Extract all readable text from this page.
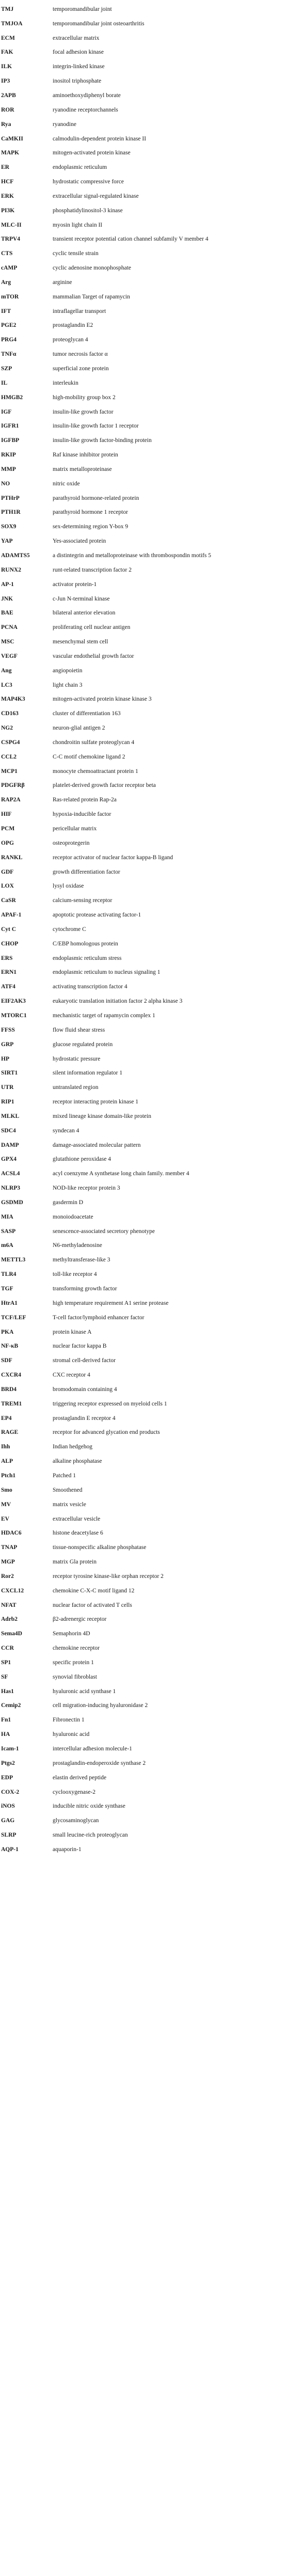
TMJ	temporomandibular joint
TMJOA	temporomandibular joint osteoarthritis
ECM	extracellular matrix
FAK	focal adhesion kinase
ILK	integrin-linked kinase
IP3	inositol triphosphate
2APB	aminoethoxydiphenyl borate
ROR	ryanodine receptorchannels
Rya	ryanodine
CaMKII	calmodulin-dependent protein kinase II
MAPK	mitogen-activated protein kinase
ER	endoplasmic reticulum
HCF	hydrostatic compressive force
ERK	extracellular signal-regulated kinase
PI3K	phosphatidylinositol-3 kinase
MLC-II	myosin light chain II
TRPV4	transient receptor potential cation channel subfamily V member 4
CTS	cyclic tensile strain
cAMP	cyclic adenosine monophosphate
Arg	arginine
mTOR	mammalian Target of rapamycin
IFT	intraflagellar transport
PGE2	prostaglandin E2
PRG4	proteoglycan 4
TNFα	tumor necrosis factor α
SZP	superficial zone protein
IL	interleukin
HMGB2	high-mobility group box 2
IGF	insulin-like growth factor
IGFR1	insulin-like growth factor 1 receptor
IGFBP	insulin-like growth factor-binding protein
RKIP	Raf kinase inhibitor protein
MMP	matrix metalloproteinase
NO	nitric oxide
PTHrP	parathyroid hormone-related protein
PTH1R	parathyroid hormone 1 receptor
SOX9	sex-determining region Y-box 9
YAP	Yes-associated protein
ADAMTS5	a distintegrin and metalloproteinase with thrombospondin motifs 5
RUNX2	runt-related transcription factor 2
AP-1	activator protein-1
JNK	c-Jun N-terminal kinase
BAE	bilateral anterior elevation
PCNA	proliferating cell nuclear antigen
MSC	mesenchymal stem cell
VEGF	vascular endothelial growth factor
Ang	angiopoietin
LC3	light chain 3
MAP4K3	mitogen-activated protein kinase kinase 3
CD163	cluster of differentiation 163
NG2	neuron-glial antigen 2
CSPG4	chondroitin sulfate proteoglycan 4
CCL2	C-C motif chemokine ligand 2
MCP1	monocyte chemoattractant protein 1
PDGFRβ	platelet-derived growth factor receptor beta
RAP2A	Ras-related protein Rap-2a
HIF	hypoxia-inducible factor
PCM	pericellular matrix
OPG	osteoprotegerin
RANKL	receptor activator of nuclear factor kappa-B ligand
GDF	growth differentiation factor
LOX	lysyl oxidase
CaSR	calcium-sensing receptor
APAF-1	apoptotic protease activating factor-1
Cyt C	cytochrome C
CHOP	C/EBP homologous protein
ERS	endoplasmic reticulum stress
ERN1	endoplasmic reticulum to nucleus signaling 1
ATF4	activating transcription factor 4
EIF2AK3	eukaryotic translation initiation factor 2 alpha kinase 3
MTORC1	mechanistic target of rapamycin complex 1
FFSS	flow fluid shear stress
GRP	glucose regulated protein
HP	hydrostatic pressure
SIRT1	silent information regulator 1
UTR	untranslated region
RIP1	receptor interacting protein kinase 1
MLKL	mixed lineage kinase domain-like protein
SDC4	syndecan 4
DAMP	damage-associated molecular pattern
GPX4	glutathione peroxidase 4
ACSL4	acyl coenzyme A synthetase long chain family. member 4
NLRP3	NOD-like receptor protein 3
GSDMD	gasdermin D
MIA	monoiodoacetate
SASP	senescence-associated secretory phenotype
m6A	N6-methyladenosine
METTL3	methyltransferase-like 3
TLR4	toll-like receptor 4
TGF	transforming growth factor
HtrA1	high temperature requirement A1 serine protease
TCF/LEF	T-cell factor/lymphoid enhancer factor
PKA	protein kinase A
NF-κB	nuclear factor kappa B
SDF	stromal cell-derived factor
CXCR4	CXC receptor 4
BRD4	bromodomain containing 4
TREM1	triggering receptor expressed on myeloid cells 1
EP4	prostaglandin E receptor 4
RAGE	receptor for advanced glycation end products
Ihh	Indian hedgehog
ALP	alkaline phosphatase
Ptch1	Patched 1
Smo	Smoothened
MV	matrix vesicle
EV	extracellular vesicle
HDAC6	histone deacetylase 6
TNAP	tissue-nonspecific alkaline phosphatase
MGP	matrix Gla protein
Ror2	receptor tyrosine kinase-like orphan receptor 2
CXCL12	chemokine C-X-C motif ligand 12
NFAT	nuclear factor of activated T cells
Adrb2	β2-adrenergic receptor
Sema4D	Semaphorin 4D
CCR	chemokine receptor
SP1	specific protein 1
SF	synovial fibroblast
Has1	hyaluronic acid synthase 1
Cemip2	cell migration-inducing hyaluronidase 2
Fn1	Fibronectin 1
HA	hyaluronic acid
Icam-1	intercellular adhesion molecule-1
Ptgs2	prostaglandin-endoperoxide synthase 2
EDP	elastin derived peptide
COX-2	cyclooxygenase-2
iNOS	inducible nitric oxide synthase
GAG	glycosaminoglycan
SLRP	small leucine-rich proteoglycan
AQP-1	aquaporin-1
